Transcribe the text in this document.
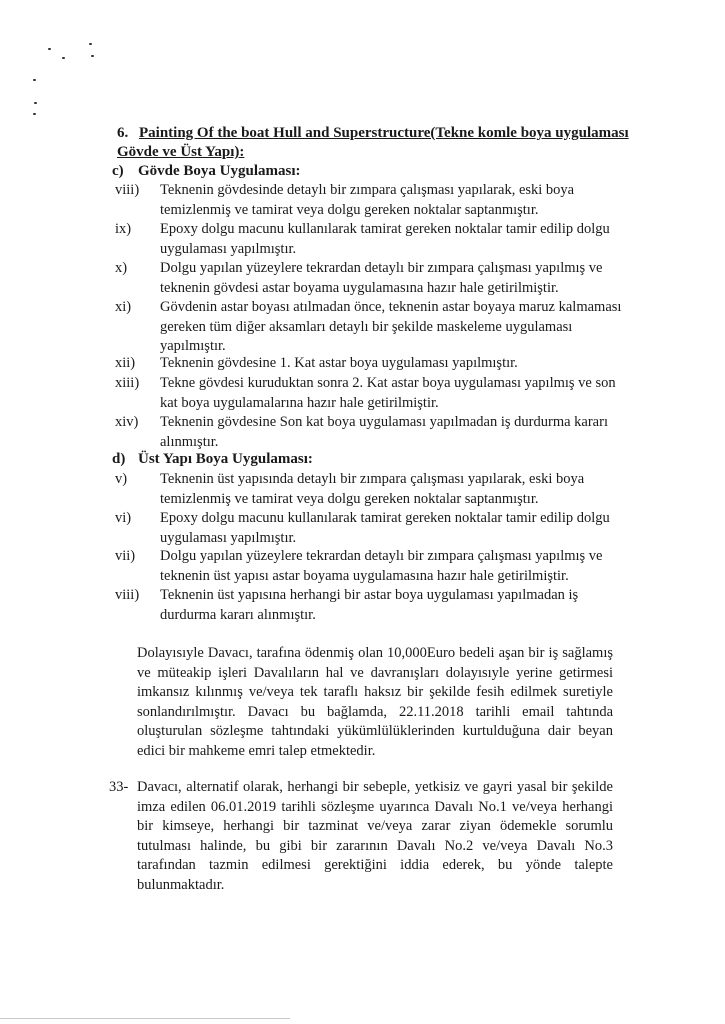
6. Painting Of the boat Hull and Superstructure(Tekne komle boya uygulaması Gövde ve Üst Yapı):
c) Gövde Boya Uygulaması:
viii) Teknenin gövdesinde detaylı bir zımpara çalışması yapılarak, eski boya temizlenmiş ve tamirat veya dolgu gereken noktalar saptanmıştır.
ix) Epoxy dolgu macunu kullanılarak tamirat gereken noktalar tamir edilip dolgu uygulaması yapılmıştır.
x) Dolgu yapılan yüzeylere tekrardan detaylı bir zımpara çalışması yapılmış ve teknenin gövdesi astar boyama uygulamasına hazır hale getirilmiştir.
xi) Gövdenin astar boyası atılmadan önce, teknenin astar boyaya maruz kalmaması gereken tüm diğer aksamları detaylı bir şekilde maskeleme uygulaması yapılmıştır.
xii) Teknenin gövdesine 1. Kat astar boya uygulaması yapılmıştır.
xiii) Tekne gövdesi kuruduktan sonra 2. Kat astar boya uygulaması yapılmış ve son kat boya uygulamalarına hazır hale getirilmiştir.
xiv) Teknenin gövdesine Son kat boya uygulaması yapılmadan iş durdurma kararı alınmıştır.
d) Üst Yapı Boya Uygulaması:
v) Teknenin üst yapısında detaylı bir zımpara çalışması yapılarak, eski boya temizlenmiş ve tamirat veya dolgu gereken noktalar saptanmıştır.
vi) Epoxy dolgu macunu kullanılarak tamirat gereken noktalar tamir edilip dolgu uygulaması yapılmıştır.
vii) Dolgu yapılan yüzeylere tekrardan detaylı bir zımpara çalışması yapılmış ve teknenin üst yapısı astar boyama uygulamasına hazır hale getirilmiştir.
viii) Teknenin üst yapısına herhangi bir astar boya uygulaması yapılmadan iş durdurma kararı alınmıştır.
Dolayısıyle Davacı, tarafına ödenmiş olan 10,000Euro bedeli aşan bir iş sağlamış ve müteakip işleri Davalıların hal ve davranışları dolayısıyle yerine getirmesi imkansız kılınmış ve/veya tek taraflı haksız bir şekilde fesih edilmek suretiyle sonlandırılmıştır. Davacı bu bağlamda, 22.11.2018 tarihli email tahtında oluşturulan sözleşme tahtındaki yükümlülüklerinden kurtulduğuna dair beyan edici bir mahkeme emri talep etmektedir.
33- Davacı, alternatif olarak, herhangi bir sebeple, yetkisiz ve gayri yasal bir şekilde imza edilen 06.01.2019 tarihli sözleşme uyarınca Davalı No.1 ve/veya herhangi bir kimseye, herhangi bir tazminat ve/veya zarar ziyan ödemekle sorumlu tutulması halinde, bu gibi bir zararının Davalı No.2 ve/veya Davalı No.3 tarafından tazmin edilmesi gerektiğini iddia ederek, bu yönde talepte bulunmaktadır.
